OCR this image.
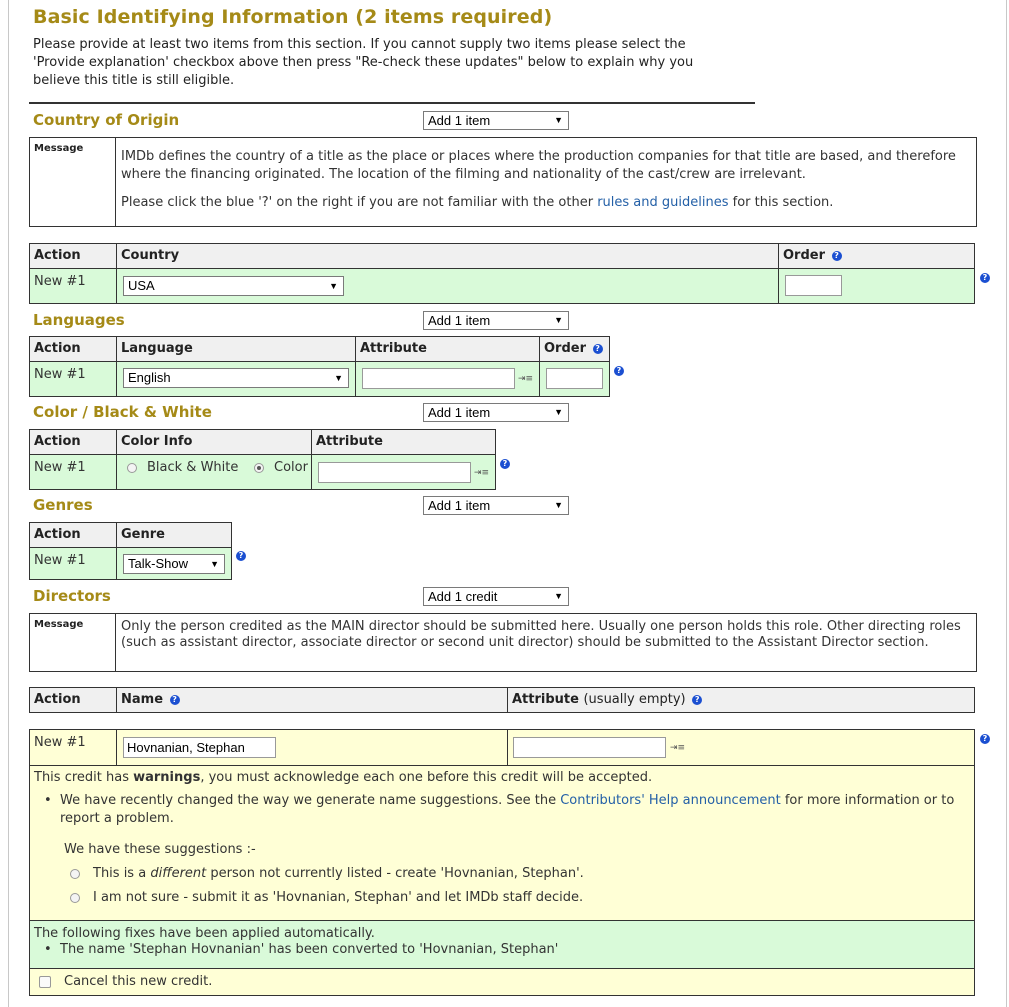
Basic Identifying Information (2 items required)
Please provide at least two items from this section. If you cannot supply two items please select the 'Provide explanation' checkbox above then press "Re-check these updates" below to explain why you believe this title is still eligible.
Country of Origin	Add 1 item	▼
Message

IMDb defines the country of a title as the place or places where the production companies for that title are based, and therefore where the financing originated. The location of the filming and nationality of the cast/crew are irrelevant.

Please click the blue '?' on the right if you are not familiar with the other rules and guidelines for this section.

Action	Country	Order ?
New #1	USA	▼
?
Languages	Add 1 item	▼
Action	Language	Attribute	Order ?
New #1	English	▼	⇥≡
?
Color / Black & White	Add 1 item	▼
Action	Color Info	Attribute
New #1	Black & White	Color	⇥≡
?
Genres	Add 1 item	▼
Action	Genre
New #1	Talk-Show ▼
?
Directors	Add 1 credit	▼
Message	Only the person credited as the MAIN director should be submitted here. Usually one person holds this role. Other directing roles (such as assistant director, associate director or second unit director) should be submitted to the Assistant Director section.
Action	Name ?	Attribute (usually empty) ?
New #1	Hovnanian, Stephan	⇥≡
?
This credit has warnings, you must acknowledge each one before this credit will be accepted.
• We have recently changed the way we generate name suggestions. See the Contributors' Help announcement for more information or to report a problem.
We have these suggestions :-
This is a different person not currently listed - create 'Hovnanian, Stephan'.
I am not sure - submit it as 'Hovnanian, Stephan' and let IMDb staff decide.
The following fixes have been applied automatically.
• The name 'Stephan Hovnanian' has been converted to 'Hovnanian, Stephan'
Cancel this new credit.
